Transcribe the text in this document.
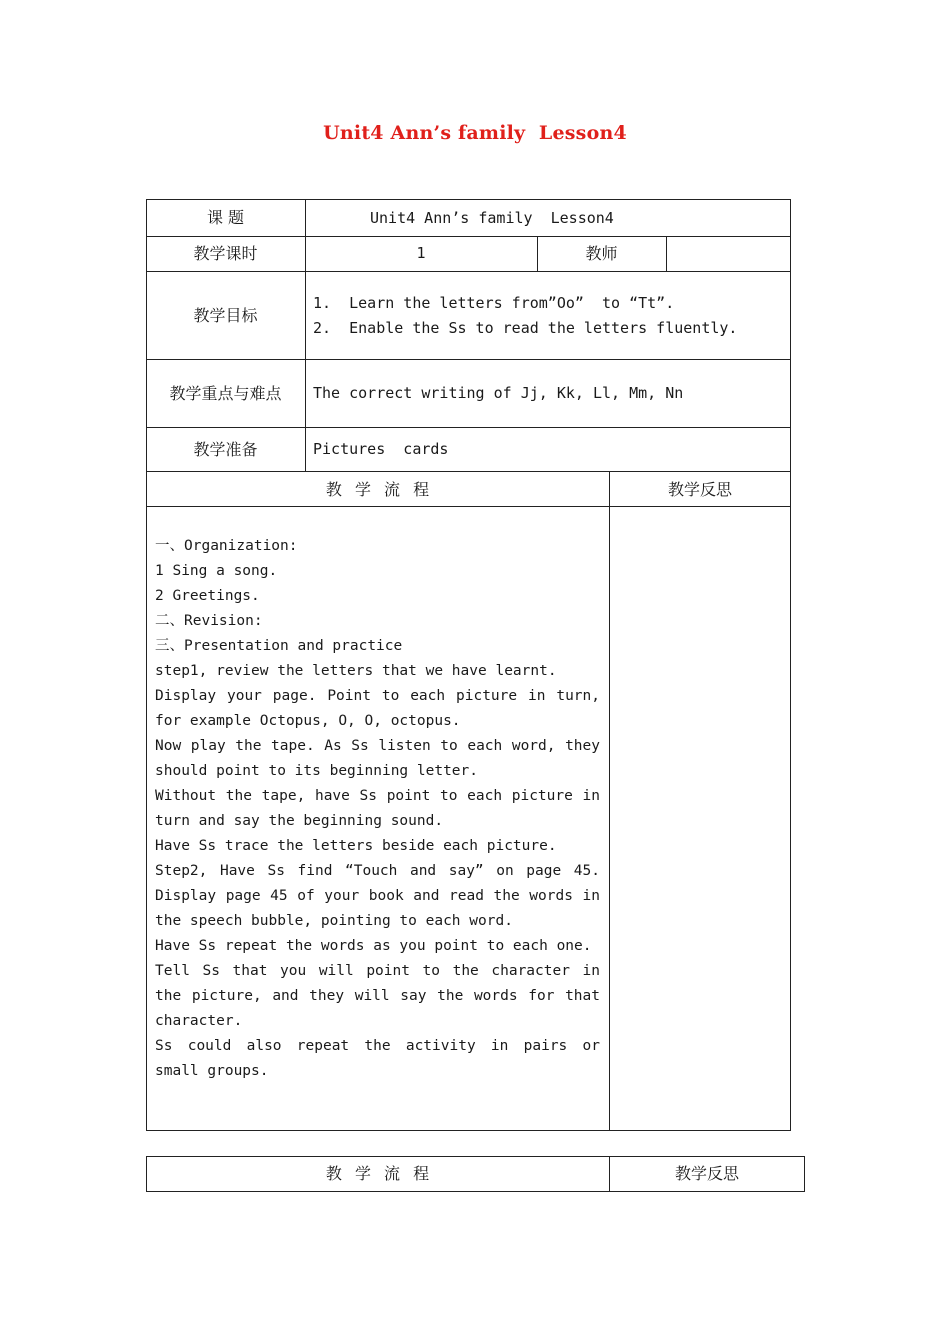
Unit4 Ann’s family  Lesson4
课 题	Unit4 Ann’s family  Lesson4
教学课时	1	教师
教学目标
1.  Learn the letters from”Oo”  to “Tt”.
2.  Enable the Ss to read the letters fluently.
教学重点与难点	The correct writing of Jj, Kk, Ll, Mm, Nn
教学准备	Pictures  cards
教 学 流 程	教学反思
一、Organization:
1 Sing a song.
2 Greetings.
二、Revision:
三、Presentation and practice
step1, review the letters that we have learnt.
Display your page. Point to each picture in turn, for example Octopus, O, O, octopus.
Now play the tape. As Ss listen to each word, they should point to its beginning letter.
Without the tape, have Ss point to each picture in turn and say the beginning sound.
Have Ss trace the letters beside each picture.
Step2, Have Ss find “Touch and say” on page 45. Display page 45 of your book and read the words in the speech bubble, pointing to each word.
Have Ss repeat the words as you point to each one.
Tell Ss that you will point to the character in the picture, and they will say the words for that character.
Ss could also repeat the activity in pairs or small groups.
教 学 流 程	教学反思
